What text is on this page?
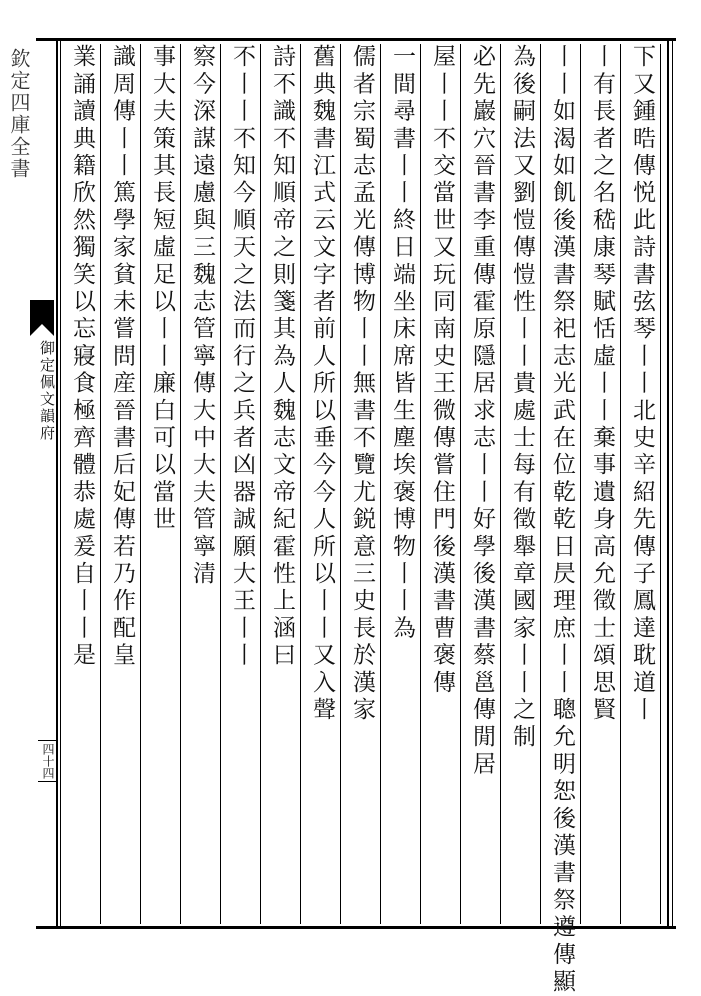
欽定四庫全書
御定佩文韻府
四十四
下又鍾晧傳悦此詩書弦琴丨丨北史辛紹先傳子鳳達耽道丨
丨有長者之名嵇康琴賦恬虛丨丨棄事遺身高允徵士頌思賢
丨丨如渴如飢後漢書祭祀志光武在位乾乾日昃理庶丨丨聰允明恕後漢書祭遵傳顯
為後嗣法又劉愷傳愷性丨丨貴處士每有徵舉章國家丨丨之制
必先巖穴晉書李重傳霍原隱居求志丨丨好學後漢書蔡邕傳閒居
屋丨丨不交當世又玩同南史王微傳嘗住門後漢書曹褒傳
一間尋書丨丨終日端坐床席皆生塵埃褒博物丨丨為
儒者宗蜀志孟光傳博物丨丨無書不覽尤鋭意三史長於漢家
舊典魏書江式云文字者前人所以垂今今人所以丨丨又入聲
詩不識不知順帝之則箋其為人魏志文帝紀霍性上涵曰
不丨丨不知今順天之法而行之兵者凶器誠願大王丨丨
察今深謀遠慮與三魏志管寧傳大中大夫管寧清
事大夫策其長短虛足以丨丨廉白可以當世
識周傳丨丨篤學家貧未嘗問産晉書后妃傳若乃作配皇
業誦讀典籍欣然獨笑以忘寢食極齊體恭處爰自丨丨是
